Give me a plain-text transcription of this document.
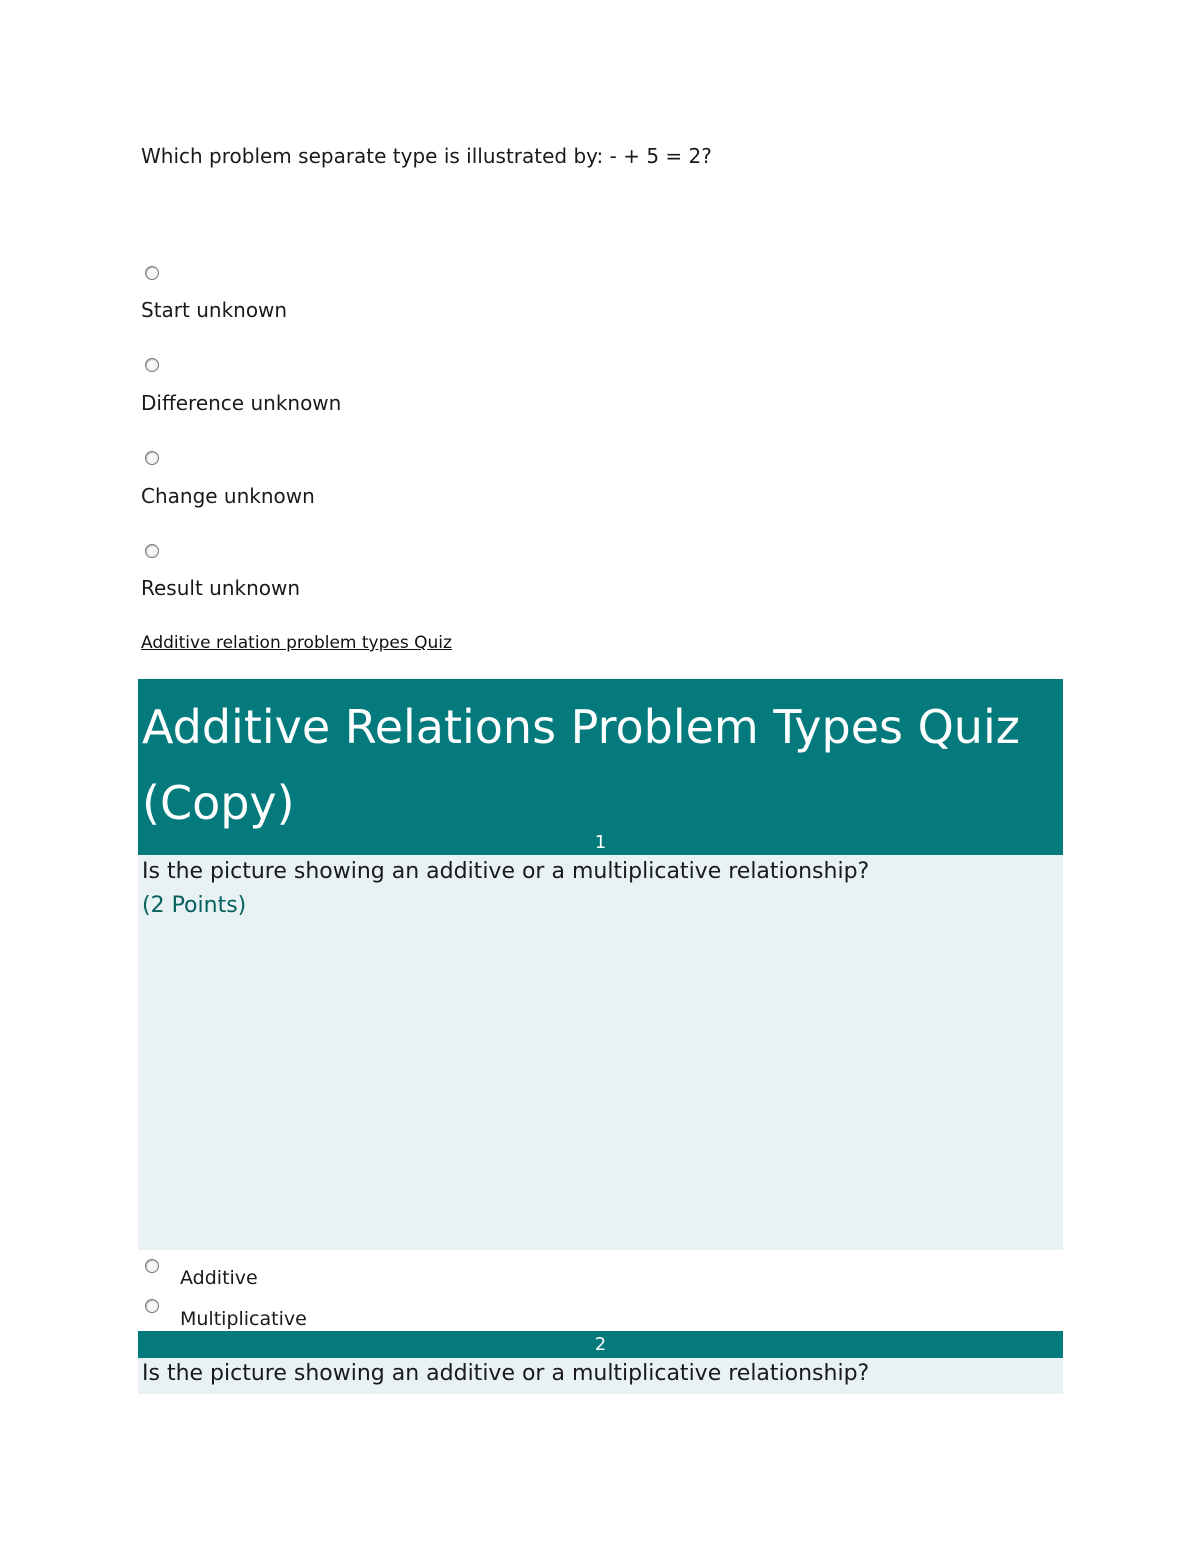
Which problem separate type is illustrated by: - + 5 = 2?
Start unknown
Difference unknown
Change unknown
Result unknown
Additive relation problem types Quiz
Additive Relations Problem Types Quiz (Copy)
1
Is the picture showing an additive or a multiplicative relationship?
(2 Points)
Additive
Multiplicative
2
Is the picture showing an additive or a multiplicative relationship?
